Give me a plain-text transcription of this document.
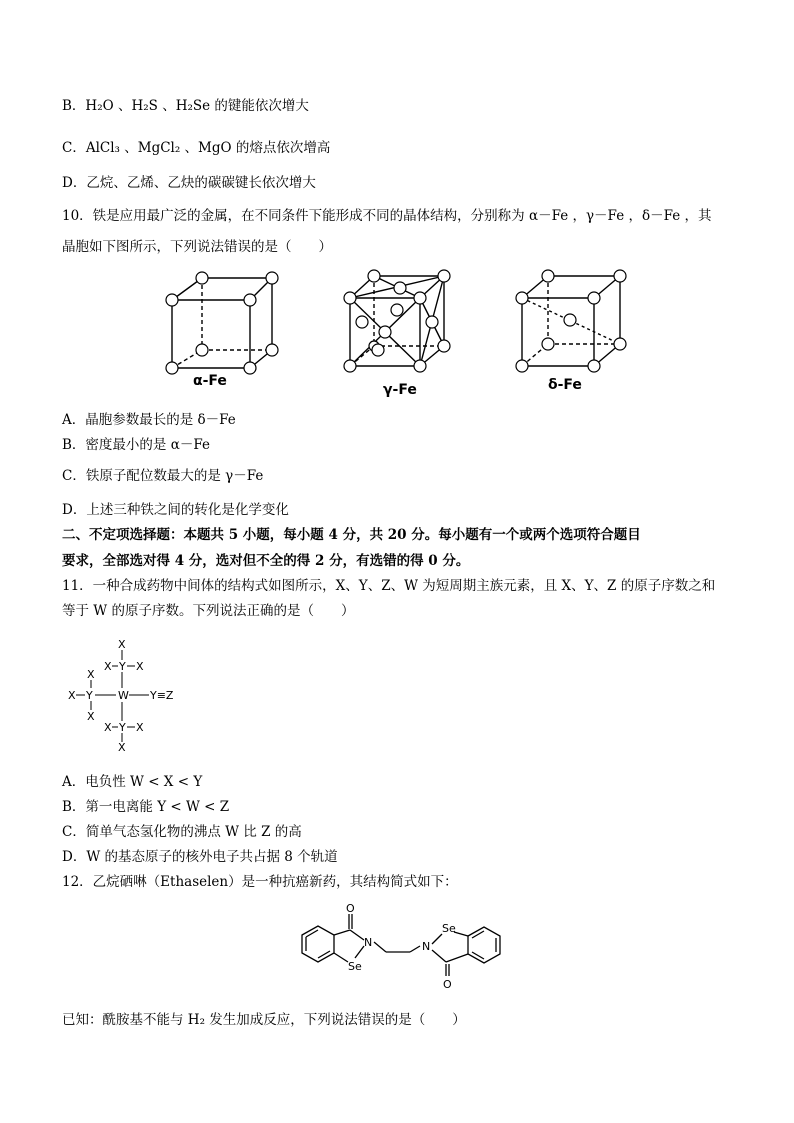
B．H₂O 、H₂S 、H₂Se 的键能依次增大
C．AlCl₃ 、MgCl₂ 、MgO 的熔点依次增高
D．乙烷、乙烯、乙炔的碳碳键长依次增大
10．铁是应用最广泛的金属，在不同条件下能形成不同的晶体结构，分别称为 α－Fe ，γ－Fe ，δ－Fe ，其
晶胞如下图所示，下列说法错误的是（　　）
α-Fe
γ-Fe	δ-Fe
A．晶胞参数最长的是 δ－Fe
B．密度最小的是 α－Fe
C．铁原子配位数最大的是 γ－Fe
D．上述三种铁之间的转化是化学变化
二、不定项选择题：本题共 5 小题，每小题 4 分，共 20 分。每小题有一个或两个选项符合题目
要求，全部选对得 4 分，选对但不全的得 2 分，有选错的得 0 分。
11．一种合成药物中间体的结构式如图所示，X、Y、Z、W 为短周期主族元素，且 X、Y、Z 的原子序数之和
等于 W 的原子序数。下列说法正确的是（　　）
X
X Y X
X
X Y W Y≡Z
X
X Y X
X
A．电负性 W < X < Y
B．第一电离能 Y < W < Z
C．简单气态氢化物的沸点 W 比 Z 的高
D．W 的基态原子的核外电子共占据 8 个轨道
12．乙烷硒啉（Ethaselen）是一种抗癌新药，其结构简式如下：
O
N
Se
N
Se
O
已知：酰胺基不能与 H₂ 发生加成反应，下列说法错误的是（　　）
